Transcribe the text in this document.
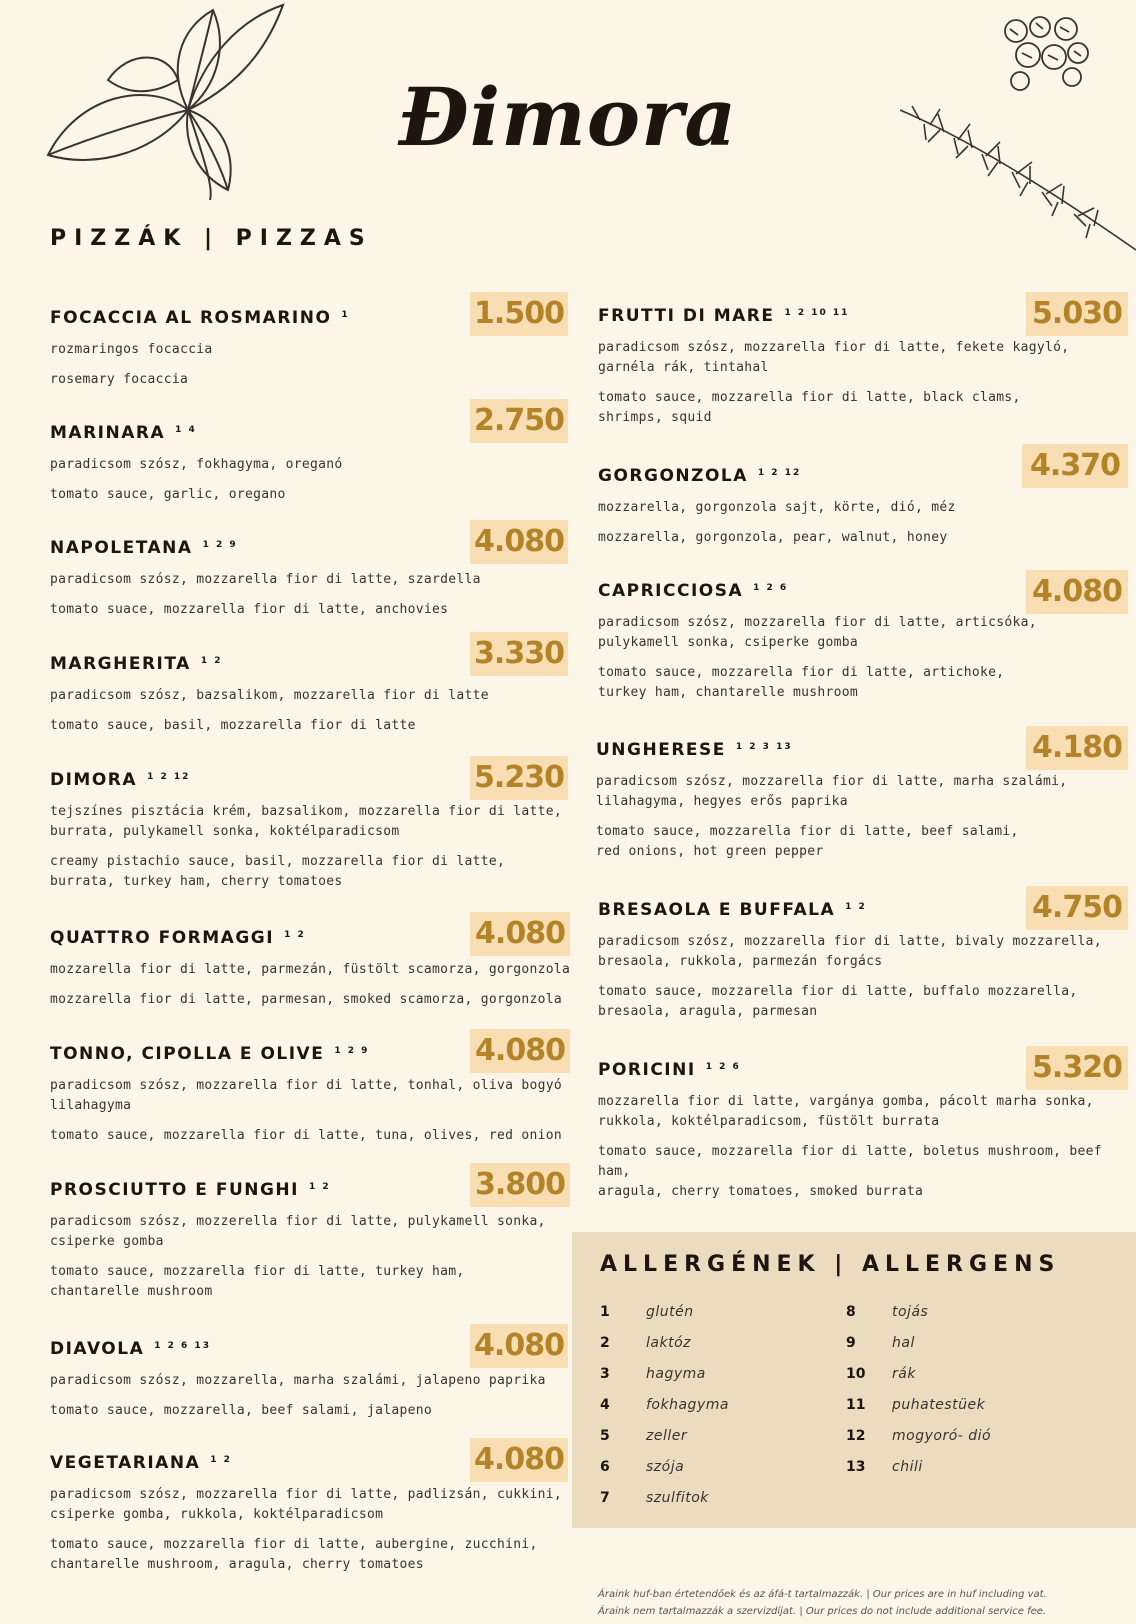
Đimora
PIZZÁK | PIZZAS
FOCACCIA AL ROSMARINO $^1$
rozmaringos focaccia
rosemary focaccia
1.500
MARINARA $^{1 4}$
paradicsom szósz, fokhagyma, oreganó
tomato sauce, garlic, oregano
2.750
NAPOLETANA $^{1 2 9}$
paradicsom szósz, mozzarella fior di latte, szardella
tomato suace, mozzarella fior di latte, anchovies
4.080
MARGHERITA $^{1 2}$
paradicsom szósz, bazsalikom, mozzarella fior di latte
tomato sauce, basil, mozzarella fior di latte
3.330
DIMORA $^{1 2 12}$
tejszínes pisztácia krém, bazsalikom, mozzarella fior di latte,
burrata, pulykamell sonka, koktélparadicsom
creamy pistachio sauce, basil, mozzarella fior di latte,
burrata, turkey ham, cherry tomatoes
5.230
QUATTRO FORMAGGI $^{1 2}$
mozzarella fior di latte, parmezán, füstölt scamorza, gorgonzola
mozzarella fior di latte, parmesan, smoked scamorza, gorgonzola
4.080
TONNO, CIPOLLA E OLIVE $^{1 2 9}$
paradicsom szósz, mozzarella fior di latte, tonhal, oliva bogyó
lilahagyma
tomato sauce, mozzarella fior di latte, tuna, olives, red onion
4.080
PROSCIUTTO E FUNGHI $^{1 2}$
paradicsom szósz, mozzerella fior di latte, pulykamell sonka,
csiperke gomba
tomato sauce, mozzarella fior di latte, turkey ham,
chantarelle mushroom
3.800
DIAVOLA $^{1 2 6 13}$
paradicsom szósz, mozzarella, marha szalámi, jalapeno paprika
tomato sauce, mozzarella, beef salami, jalapeno
4.080
VEGETARIANA $^{1 2}$
paradicsom szósz, mozzarella fior di latte, padlizsán, cukkini,
csiperke gomba, rukkola, koktélparadicsom
tomato sauce, mozzarella fior di latte, aubergine, zucchini,
chantarelle mushroom, aragula, cherry tomatoes
4.080
FRUTTI DI MARE $^{1 2 10 11}$
paradicsom szósz, mozzarella fior di latte, fekete kagyló,
garnéla rák, tintahal
tomato sauce, mozzarella fior di latte, black clams,
shrimps, squid
5.030
GORGONZOLA $^{1 2 12}$
mozzarella, gorgonzola sajt, körte, dió, méz
mozzarella, gorgonzola, pear, walnut, honey
4.370
CAPRICCIOSA $^{1 2 6}$
paradicsom szósz, mozzarella fior di latte, articsóka,
pulykamell sonka, csiperke gomba
tomato sauce, mozzarella fior di latte, artichoke,
turkey ham, chantarelle mushroom
4.080
UNGHERESE $^{1 2 3 13}$
paradicsom szósz, mozzarella fior di latte, marha szalámi,
lilahagyma, hegyes erős paprika
tomato sauce, mozzarella fior di latte, beef salami,
red onions, hot green pepper
4.180
BRESAOLA E BUFFALA $^{1 2}$
paradicsom szósz, mozzarella fior di latte, bivaly mozzarella,
bresaola, rukkola, parmezán forgács
tomato sauce, mozzarella fior di latte, buffalo mozzarella,
bresaola, aragula, parmesan
4.750
PORICINI $^{1 2 6}$
mozzarella fior di latte, vargánya gomba, pácolt marha sonka,
rukkola, koktélparadicsom, füstölt burrata
tomato sauce, mozzarella fior di latte, boletus mushroom, beef ham,
aragula, cherry tomatoes, smoked burrata
5.320
ALLERGÉNEK | ALLERGENS
1	glutén
2	laktóz
3	hagyma
4	fokhagyma
5	zeller
6	szója
7	szulfitok
8	tojás
9	hal
10 rák
11 puhatestüek
12 mogyoró- dió
13 chili
Áraink huf-ban értetendőek és az áfá-t tartalmazzák. | Our prices are in huf including vat.
Áraink nem tartalmazzák a szervizdíjat. | Our prices do not include additional service fee.
